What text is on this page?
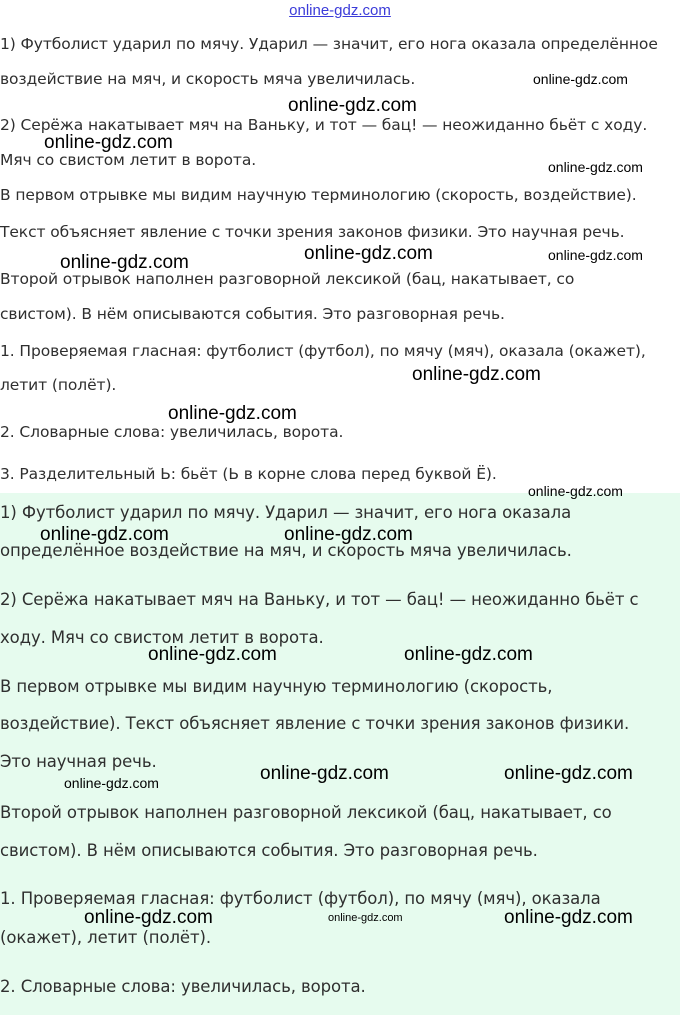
online-gdz.com

1) Футболист ударил по мячу. Ударил — значит, его нога оказала определённое

воздействие на мяч, и скорость мяча увеличилась.

2) Серёжа накатывает мяч на Ваньку, и тот — бац! — неожиданно бьёт с ходу.

Мяч со свистом летит в ворота.

В первом отрывке мы видим научную терминологию (скорость, воздействие).

Текст объясняет явление с точки зрения законов физики. Это научная речь.

Второй отрывок наполнен разговорной лексикой (бац, накатывает, со

свистом). В нём описываются события. Это разговорная речь.

1. Проверяемая гласная: футболист (футбол), по мячу (мяч), оказала (окажет),

летит (полёт).

2. Словарные слова: увеличилась, ворота.

3. Разделительный Ь: бьёт (Ь в корне слова перед буквой Ё).

1) Футболист ударил по мячу. Ударил — значит, его нога оказала

определённое воздействие на мяч, и скорость мяча увеличилась.

2) Серёжа накатывает мяч на Ваньку, и тот — бац! — неожиданно бьёт с

ходу. Мяч со свистом летит в ворота.

В первом отрывке мы видим научную терминологию (скорость,

воздействие). Текст объясняет явление с точки зрения законов физики.

Это научная речь.

Второй отрывок наполнен разговорной лексикой (бац, накатывает, со

свистом). В нём описываются события. Это разговорная речь.

1. Проверяемая гласная: футболист (футбол), по мячу (мяч), оказала

(окажет), летит (полёт).

2. Словарные слова: увеличилась, ворота.

online-gdz.com
online-gdz.com
online-gdz.com
online-gdz.com
online-gdz.com	online-gdz.com
online-gdz.com
online-gdz.com
online-gdz.com
online-gdz.com
online-gdz.com	online-gdz.com
online-gdz.com	online-gdz.com
online-gdz.com	online-gdz.com
online-gdz.com
online-gdz.com	online-gdz.com	online-gdz.com
